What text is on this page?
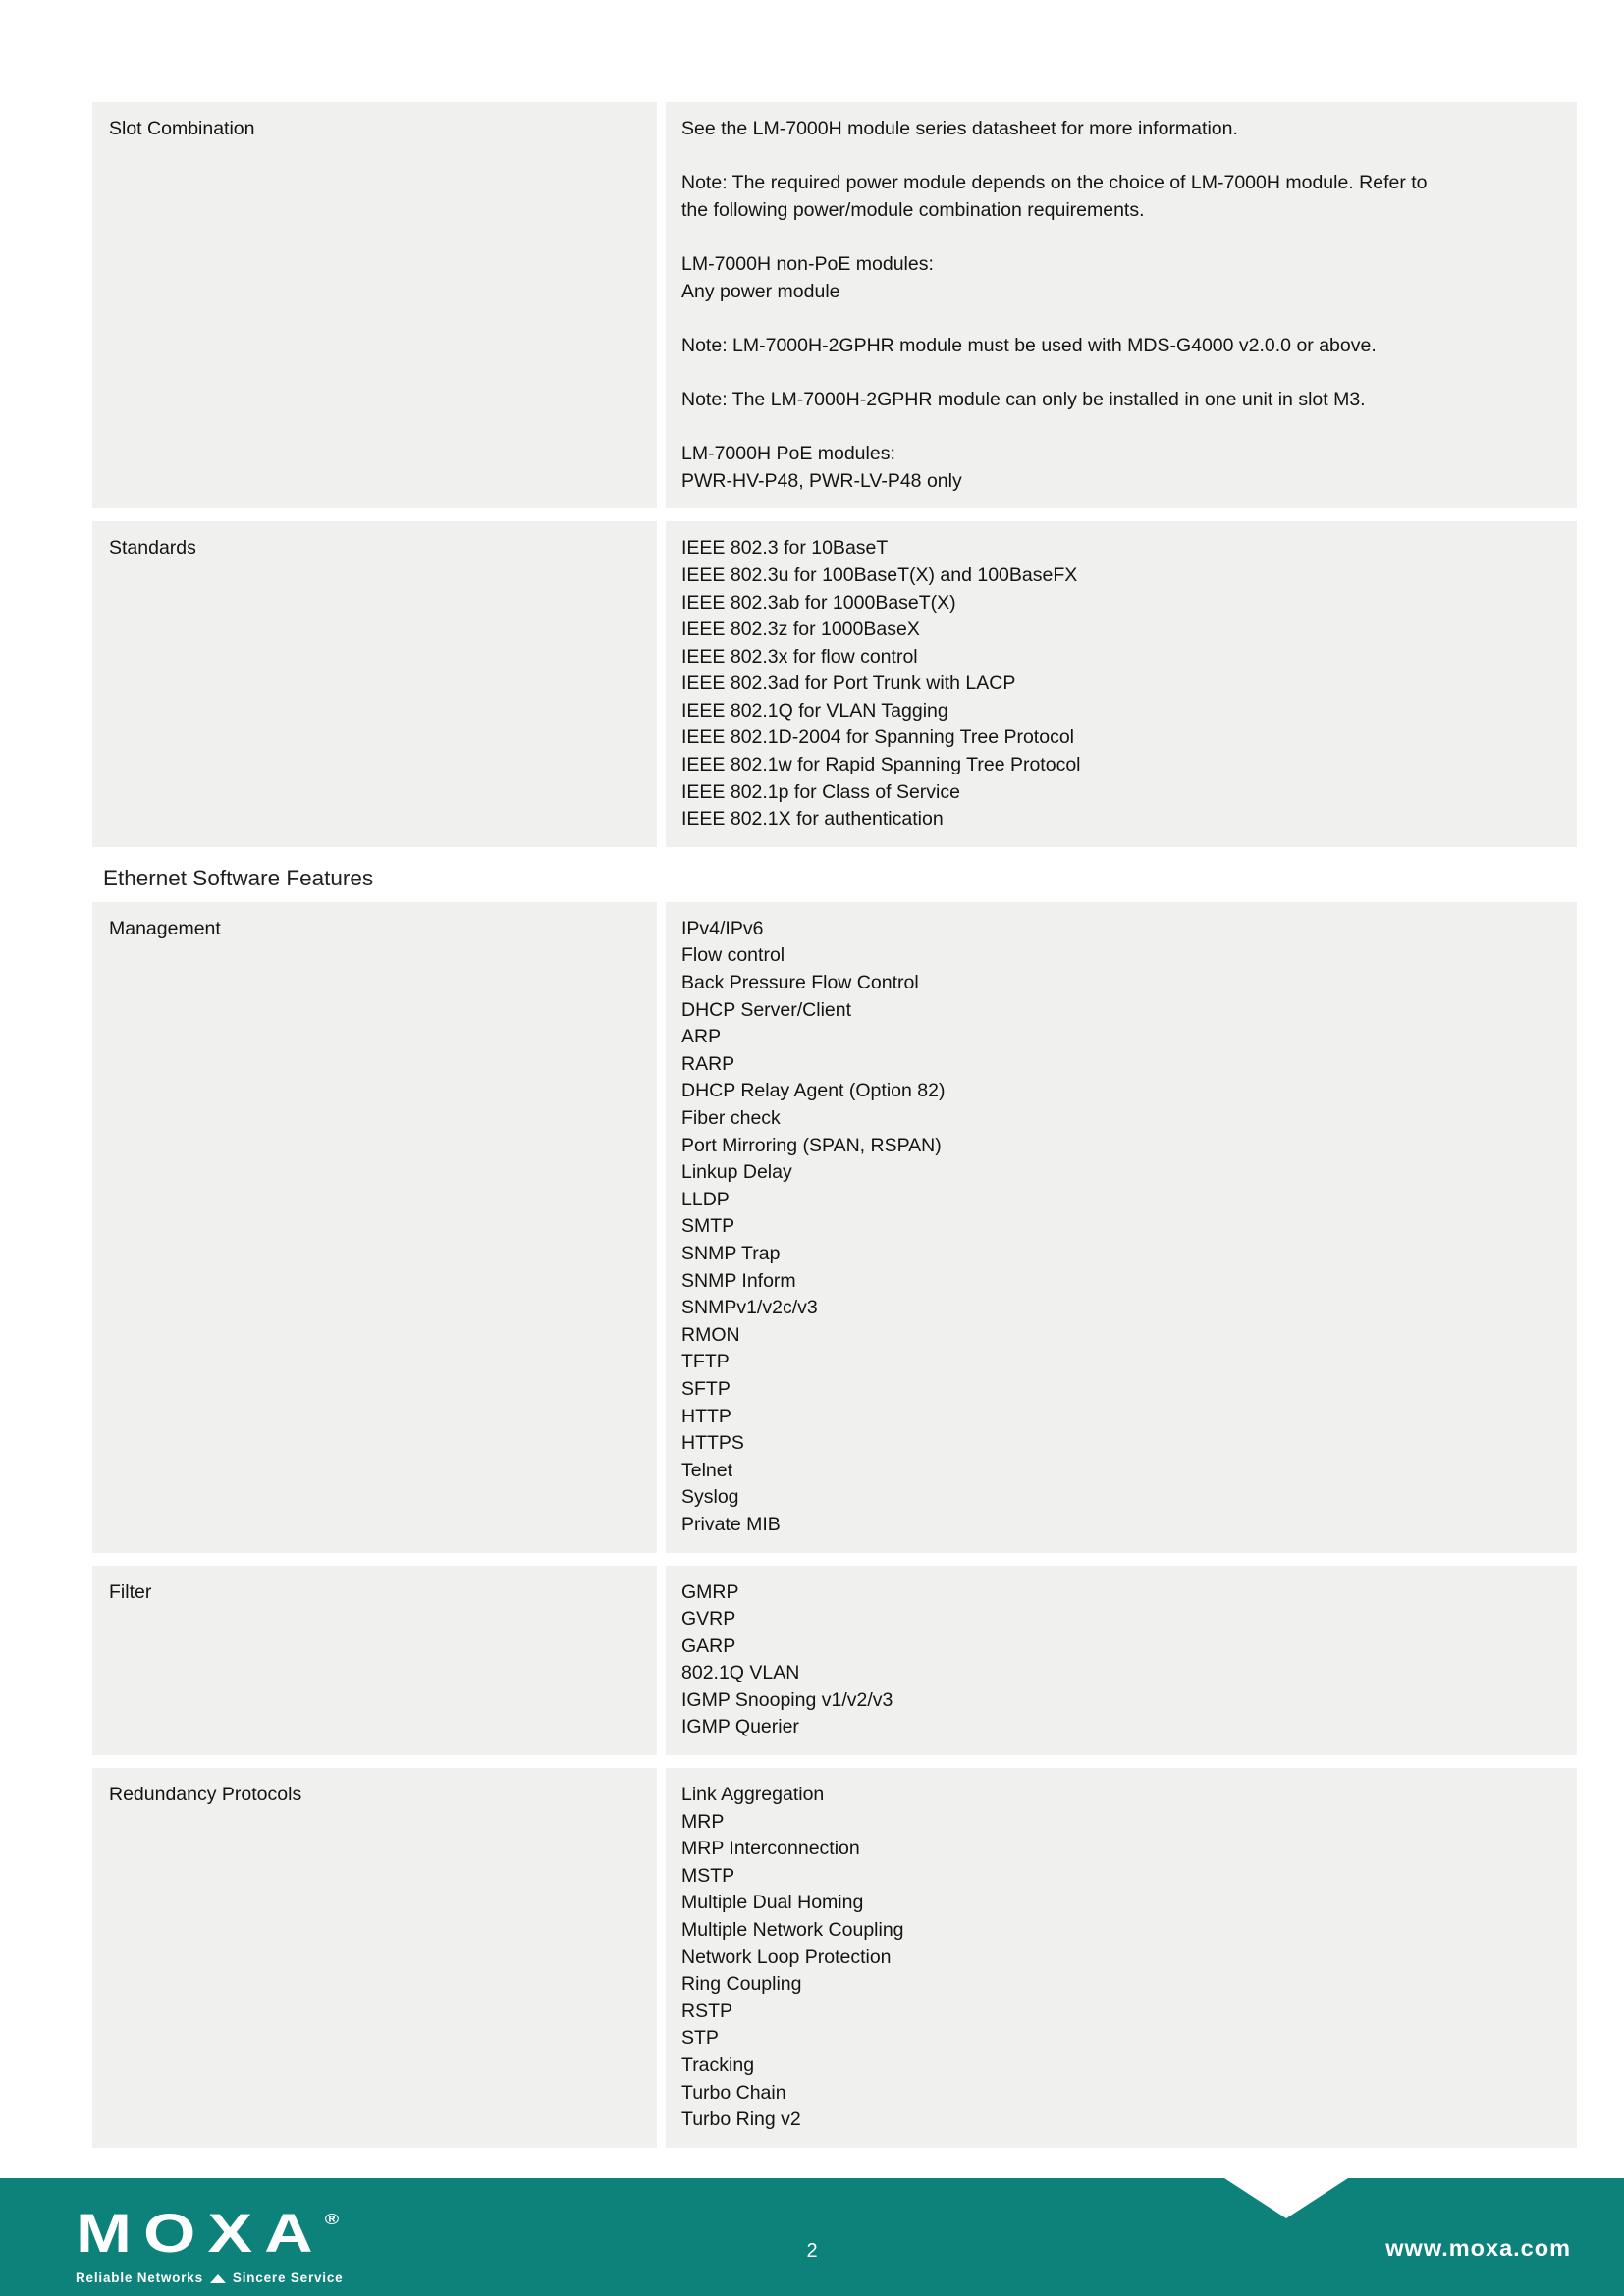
Slot Combination	See the LM-7000H module series datasheet for more information.
Note: The required power module depends on the choice of LM-7000H module. Refer to
the following power/module combination requirements.
LM-7000H non-PoE modules:
Any power module
Note: LM-7000H-2GPHR module must be used with MDS-G4000 v2.0.0 or above.
Note: The LM-7000H-2GPHR module can only be installed in one unit in slot M3.
LM-7000H PoE modules:
PWR-HV-P48, PWR-LV-P48 only
Standards	IEEE 802.3 for 10BaseT
IEEE 802.3u for 100BaseT(X) and 100BaseFX
IEEE 802.3ab for 1000BaseT(X)
IEEE 802.3z for 1000BaseX
IEEE 802.3x for flow control
IEEE 802.3ad for Port Trunk with LACP
IEEE 802.1Q for VLAN Tagging
IEEE 802.1D-2004 for Spanning Tree Protocol
IEEE 802.1w for Rapid Spanning Tree Protocol
IEEE 802.1p for Class of Service
IEEE 802.1X for authentication
Ethernet Software Features
Management	IPv4/IPv6
Flow control
Back Pressure Flow Control
DHCP Server/Client
ARP
RARP
DHCP Relay Agent (Option 82)
Fiber check
Port Mirroring (SPAN, RSPAN)
Linkup Delay
LLDP
SMTP
SNMP Trap
SNMP Inform
SNMPv1/v2c/v3
RMON
TFTP
SFTP
HTTP
HTTPS
Telnet
Syslog
Private MIB
Filter	GMRP
GVRP
GARP
802.1Q VLAN
IGMP Snooping v1/v2/v3
IGMP Querier
Redundancy Protocols	Link Aggregation
MRP
MRP Interconnection
MSTP
Multiple Dual Homing
Multiple Network Coupling
Network Loop Protection
Ring Coupling
RSTP
STP
Tracking
Turbo Chain
Turbo Ring v2
MOXA®
Reliable Networks Sincere Service
2	www.moxa.com
